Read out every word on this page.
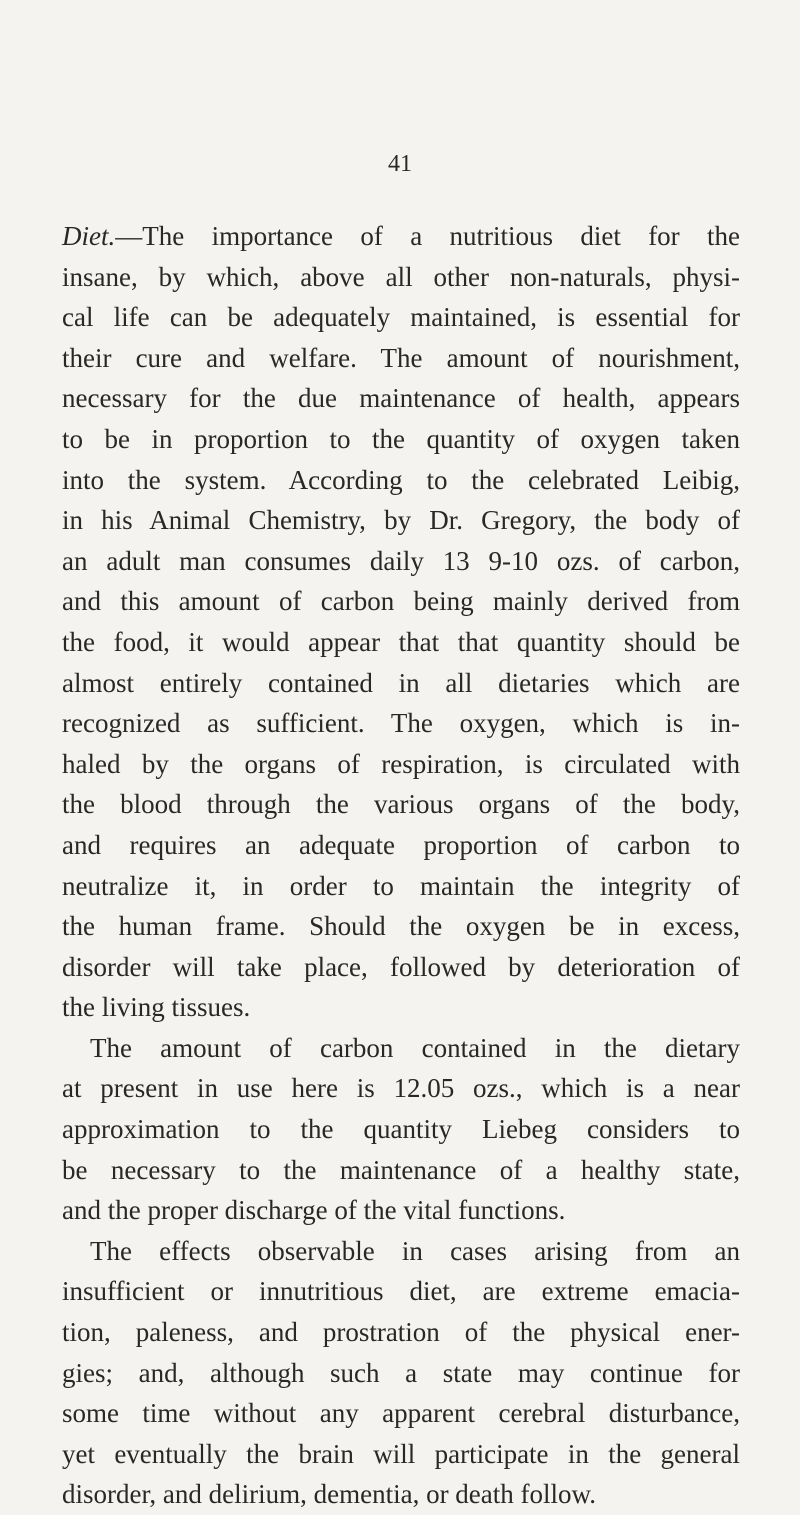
41
Diet.—The importance of a nutritious diet for the
insane, by which, above all other non-naturals, physi-
cal life can be adequately maintained, is essential for
their cure and welfare. The amount of nourishment,
necessary for the due maintenance of health, appears
to be in proportion to the quantity of oxygen taken
into the system. According to the celebrated Leibig,
in his Animal Chemistry, by Dr. Gregory, the body of
an adult man consumes daily 13 9-10 ozs. of carbon,
and this amount of carbon being mainly derived from
the food, it would appear that that quantity should be
almost entirely contained in all dietaries which are
recognized as sufficient. The oxygen, which is in-
haled by the organs of respiration, is circulated with
the blood through the various organs of the body,
and requires an adequate proportion of carbon to
neutralize it, in order to maintain the integrity of
the human frame. Should the oxygen be in excess,
disorder will take place, followed by deterioration of
the living tissues.
The amount of carbon contained in the dietary
at present in use here is 12.05 ozs., which is a near
approximation to the quantity Liebeg considers to
be necessary to the maintenance of a healthy state,
and the proper discharge of the vital functions.
The effects observable in cases arising from an
insufficient or innutritious diet, are extreme emacia-
tion, paleness, and prostration of the physical ener-
gies; and, although such a state may continue for
some time without any apparent cerebral disturbance,
yet eventually the brain will participate in the general
disorder, and delirium, dementia, or death follow.
